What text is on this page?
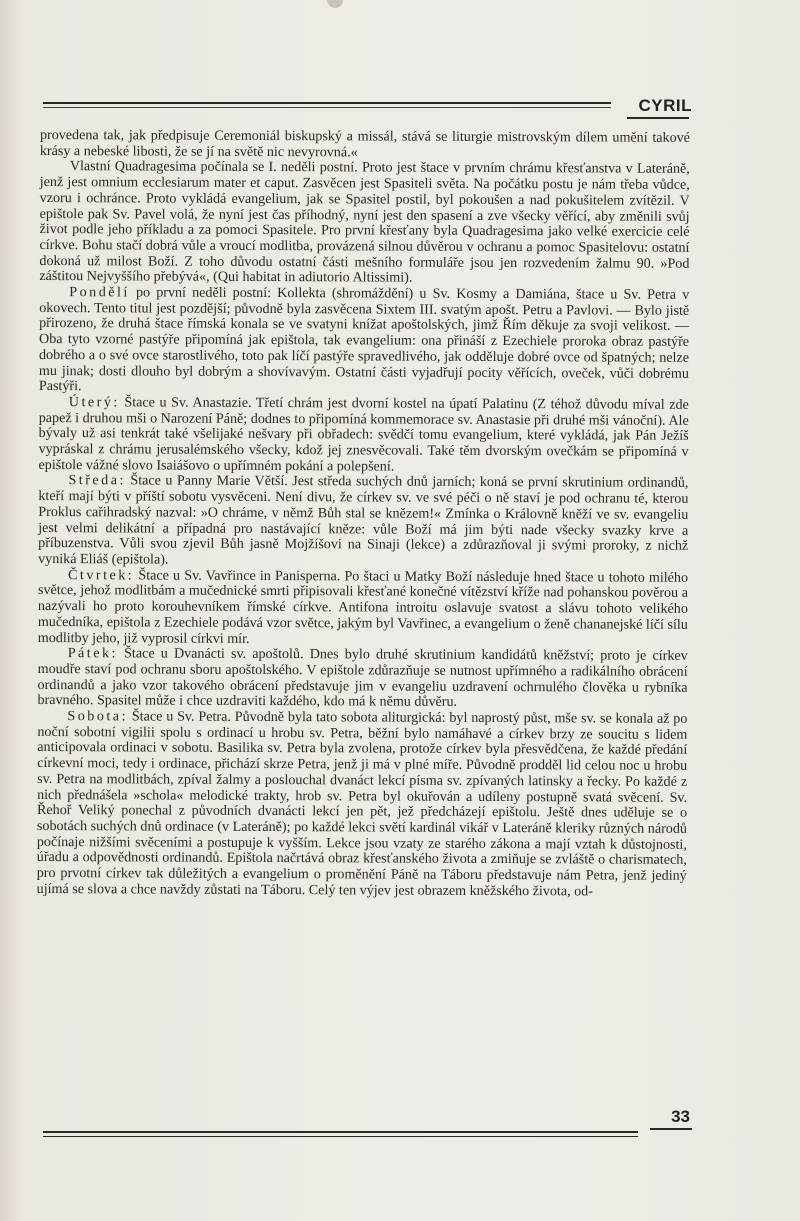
CYRIL

provedena tak, jak předpisuje Ceremoniál biskupský a missál, stává se liturgie mistrovským dílem umění takové krásy a nebeské libosti, že se jí na světě nic nevyrovná.«

Vlastní Quadragesima počínala se I. neděli postní. Proto jest štace v prvním chrámu křesťanstva v Lateráně, jenž jest omnium ecclesiarum mater et caput. Zasvěcen jest Spasiteli světa. Na počátku postu je nám třeba vůdce, vzoru i ochránce. Proto vykládá evangelium, jak se Spasitel postil, byl pokoušen a nad pokušitelem zvítězil. V epištole pak Sv. Pavel volá, že nyní jest čas příhodný, nyní jest den spasení a zve všecky věřící, aby změnili svůj život podle jeho příkladu a za pomoci Spasitele. Pro první křesťany byla Quadragesima jako velké exercicie celé církve. Bohu stačí dobrá vůle a vroucí modlitba, provázená silnou důvěrou v ochranu a pomoc Spasitelovu: ostatní dokoná už milost Boží. Z toho důvodu ostatní části mešního formuláře jsou jen rozvedením žalmu 90. »Pod záštitou Nejvyššího přebývá«, (Qui habitat in adiutorio Altissimi).

Pondělí po první neděli postní: Kollekta (shromáždění) u Sv. Kosmy a Damiána, štace u Sv. Petra v okovech. Tento titul jest pozdější; původně byla zasvěcena Sixtem III. svatým apošt. Petru a Pavlovi. — Bylo jistě přirozeno, že druhá štace římská konala se ve svatyni knížat apoštolských, jimž Řím děkuje za svoji velikost. — Oba tyto vzorné pastýře připomíná jak epištola, tak evangelium: ona přináší z Ezechiele proroka obraz pastýře dobrého a o své ovce starostlivého, toto pak líčí pastýře spravedlivého, jak odděluje dobré ovce od špatných; nelze mu jinak; dosti dlouho byl dobrým a shovívavým. Ostatní části vyjadřují pocity věřících, oveček, vůči dobrému Pastýři.

Úterý: Štace u Sv. Anastazie. Třetí chrám jest dvorní kostel na úpatí Palatinu (Z téhož důvodu míval zde papež i druhou mši o Narození Páně; dodnes to připomíná kommemorace sv. Anastasie při druhé mši vánoční). Ale bývaly už asi tenkrát také všelijaké nešvary při obřadech: svědčí tomu evangelium, které vykládá, jak Pán Ježíš vypráskal z chrámu jerusalémského všecky, kdož jej znesvěcovali. Také těm dvorským ovečkám se připomíná v epištole vážné slovo Isaiášovo o upřímném pokání a polepšení.

Středa: Štace u Panny Marie Větší. Jest středa suchých dnů jarních; koná se první skrutinium ordinandů, kteří mají býti v příští sobotu vysvěceni. Není divu, že církev sv. ve své péči o ně staví je pod ochranu té, kterou Proklus cařihradský nazval: »O chráme, v němž Bůh stal se knězem!« Zmínka o Královně kněží ve sv. evangeliu jest velmi delikátní a případná pro nastávající kněze: vůle Boží má jim býti nade všecky svazky krve a příbuzenstva. Vůli svou zjevil Bůh jasně Mojžíšovi na Sinaji (lekce) a zdůrazňoval ji svými proroky, z nichž vyniká Eliáš (epištola).

Čtvrtek: Štace u Sv. Vavřince in Panisperna. Po štaci u Matky Boží následuje hned štace u tohoto milého světce, jehož modlitbám a mučednické smrti připisovali křesťané konečné vítězství kříže nad pohanskou pověrou a nazývali ho proto korouhevníkem římské církve. Antifona introitu oslavuje svatost a slávu tohoto velikého mučedníka, epištola z Ezechiele podává vzor světce, jakým byl Vavřinec, a evangelium o ženě chananejské líčí sílu modlitby jeho, již vyprosil církvi mír.

Pátek: Štace u Dvanácti sv. apoštolů. Dnes bylo druhé skrutinium kandidátů kněžství; proto je církev moudře staví pod ochranu sboru apoštolského. V epištole zdůrazňuje se nutnost upřímného a radikálního obrácení ordinandů a jako vzor takového obrácení představuje jim v evangeliu uzdravení ochrnulého člověka u rybníka bravného. Spasitel může i chce uzdraviti každého, kdo má k němu důvěru.

Sobota: Štace u Sv. Petra. Původně byla tato sobota aliturgická: byl naprostý půst, mše sv. se konala až po noční sobotní vigilii spolu s ordinací u hrobu sv. Petra, běžní bylo namáhavé a církev brzy ze soucitu s lidem anticipovala ordinaci v sobotu. Basilika sv. Petra byla zvolena, protože církev byla přesvědčena, že každé předání církevní moci, tedy i ordinace, přichází skrze Petra, jenž ji má v plné míře. Původně prodděl lid celou noc u hrobu sv. Petra na modlitbách, zpíval žalmy a poslouchal dvanáct lekcí písma sv. zpívaných latinsky a řecky. Po každé z nich přednášela »schola« melodické trakty, hrob sv. Petra byl okuřován a udíleny postupně svatá svěcení. Sv. Řehoř Veliký ponechal z původních dvanácti lekcí jen pět, jež předcházejí epištolu. Ještě dnes uděluje se o sobotách suchých dnů ordinace (v Lateráně); po každé lekci světí kardinál vikář v Lateráně kleriky různých národů počínaje nižšími svěceními a postupuje k vyšším. Lekce jsou vzaty ze starého zákona a mají vztah k důstojnosti, úřadu a odpovědnosti ordinandů. Epištola načrtává obraz křesťanského života a zmiňuje se zvláště o charismatech, pro prvotní církev tak důležitých a evangelium o proměnění Páně na Táboru představuje nám Petra, jenž jediný ujímá se slova a chce navždy zůstati na Táboru. Celý ten výjev jest obrazem kněžského života, od-

33
